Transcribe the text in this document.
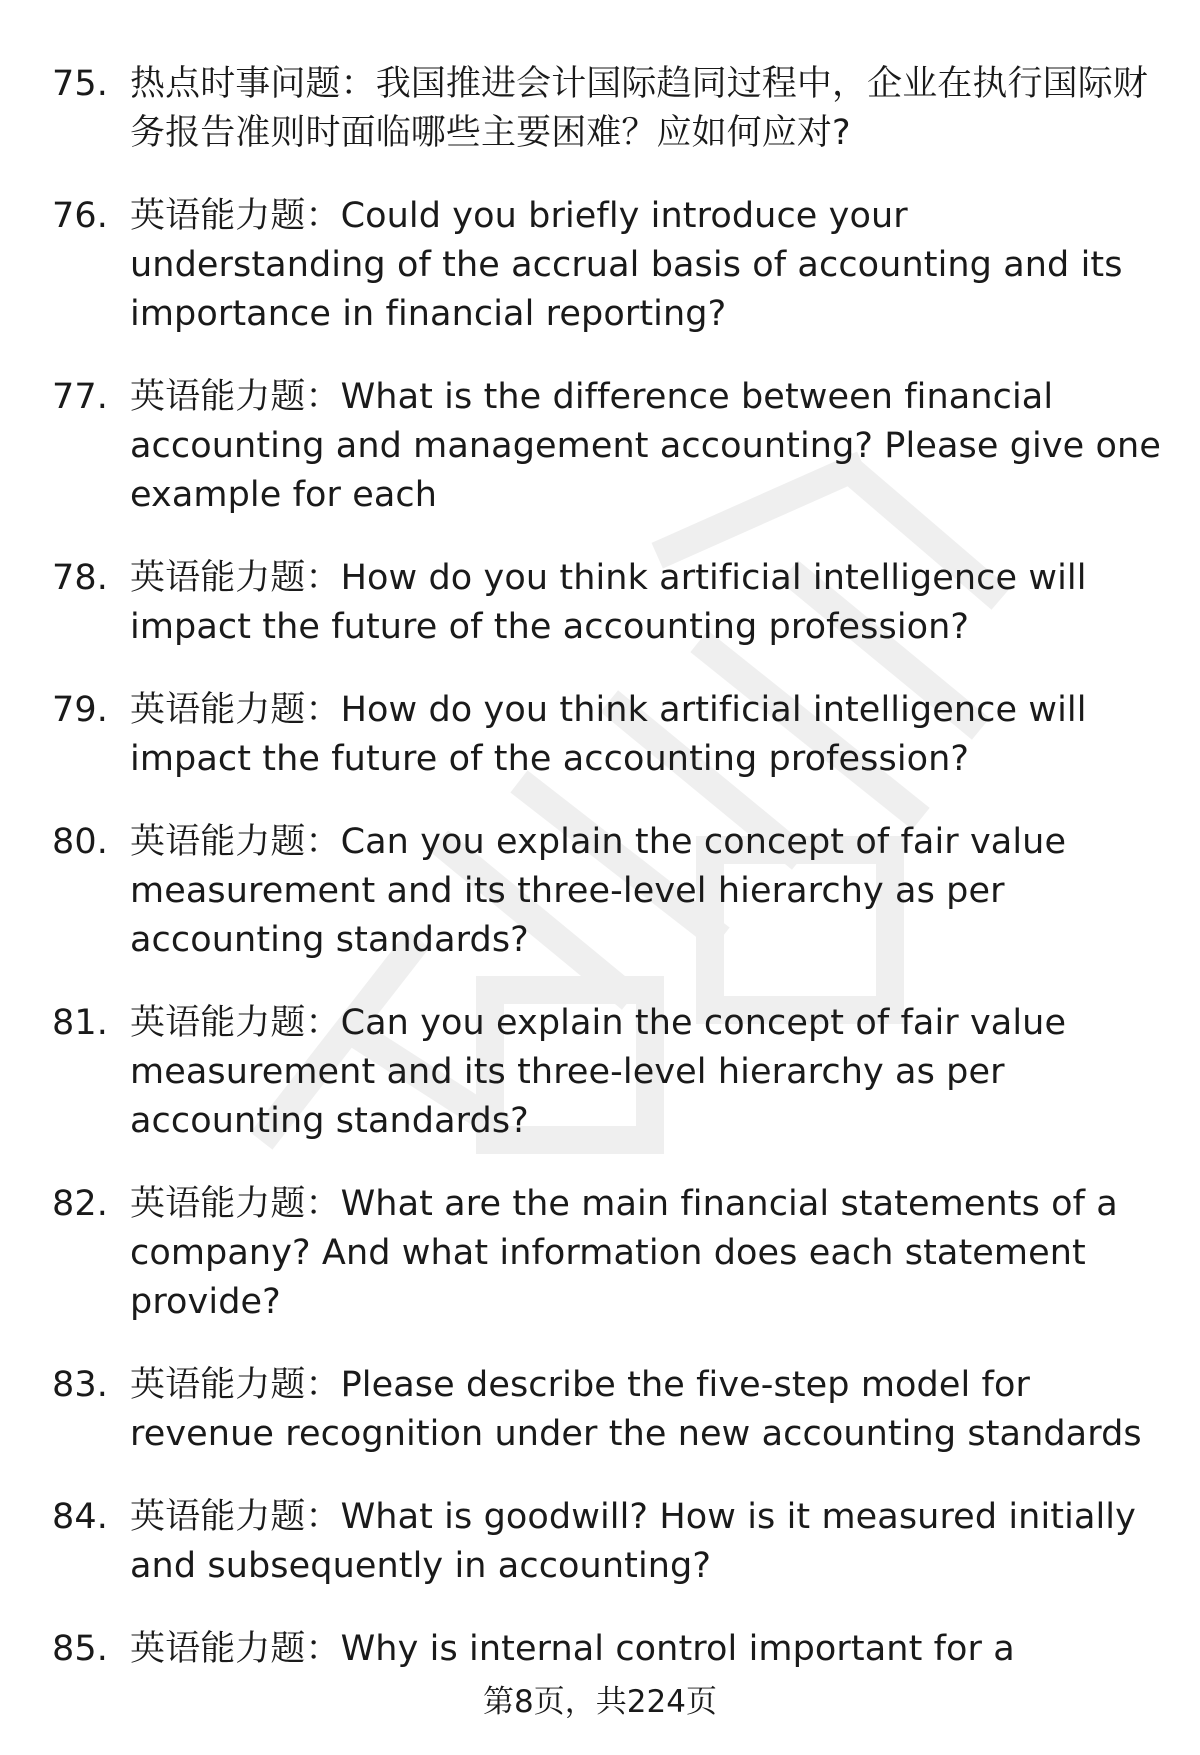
75. 热点时事问题：我国推进会计国际趋同过程中，企业在执行国际财务报告准则时面临哪些主要困难？应如何应对?
76. 英语能力题：Could you briefly introduce your understanding of the accrual basis of accounting and its importance in financial reporting?
77. 英语能力题：What is the difference between financial accounting and management accounting? Please give one example for each
78. 英语能力题：How do you think artificial intelligence will impact the future of the accounting profession?
79. 英语能力题：How do you think artificial intelligence will impact the future of the accounting profession?
80. 英语能力题：Can you explain the concept of fair value measurement and its three-level hierarchy as per accounting standards?
81. 英语能力题：Can you explain the concept of fair value measurement and its three-level hierarchy as per accounting standards?
82. 英语能力题：What are the main financial statements of a company? And what information does each statement provide?
83. 英语能力题：Please describe the five-step model for revenue recognition under the new accounting standards
84. 英语能力题：What is goodwill? How is it measured initially and subsequently in accounting?
85. 英语能力题：Why is internal control important for a
第8页，共224页
